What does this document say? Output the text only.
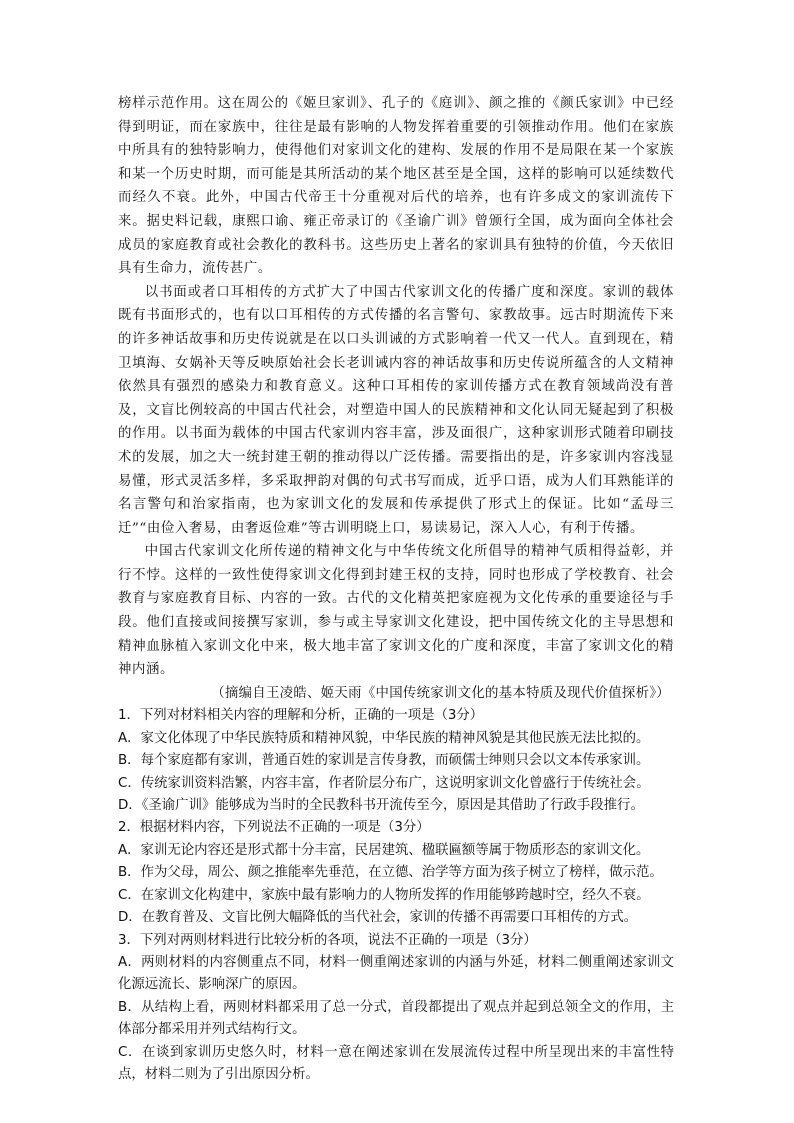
榜样示范作用。这在周公的《姬旦家训》、孔子的《庭训》、颜之推的《颜氏家训》中已经得到明证，而在家族中，往往是最有影响的人物发挥着重要的引领推动作用。他们在家族中所具有的独特影响力，使得他们对家训文化的建构、发展的作用不是局限在某一个家族和某一个历史时期，而可能是其所活动的某个地区甚至是全国，这样的影响可以延续数代而经久不衰。此外，中国古代帝王十分重视对后代的培养，也有许多成文的家训流传下来。据史料记载，康熙口谕、雍正帝录订的《圣谕广训》曾颁行全国，成为面向全体社会成员的家庭教育或社会教化的教科书。这些历史上著名的家训具有独特的价值，今天依旧具有生命力，流传甚广。

以书面或者口耳相传的方式扩大了中国古代家训文化的传播广度和深度。家训的载体既有书面形式的，也有以口耳相传的方式传播的名言警句、家教故事。远古时期流传下来的许多神话故事和历史传说就是在以口头训诫的方式影响着一代又一代人。直到现在，精卫填海、女娲补天等反映原始社会长老训诫内容的神话故事和历史传说所蕴含的人文精神依然具有强烈的感染力和教育意义。这种口耳相传的家训传播方式在教育领域尚没有普及，文盲比例较高的中国古代社会，对塑造中国人的民族精神和文化认同无疑起到了积极的作用。以书面为载体的中国古代家训内容丰富，涉及面很广，这种家训形式随着印刷技术的发展，加之大一统封建王朝的推动得以广泛传播。需要指出的是，许多家训内容浅显易懂，形式灵活多样，多采取押韵对偶的句式书写而成，近乎口语，成为人们耳熟能详的名言警句和治家指南，也为家训文化的发展和传承提供了形式上的保证。比如“孟母三迁”“由俭入奢易，由奢返俭难”等古训明晓上口，易读易记，深入人心，有利于传播。

中国古代家训文化所传递的精神文化与中华传统文化所倡导的精神气质相得益彰，并行不悖。这样的一致性使得家训文化得到封建王权的支持，同时也形成了学校教育、社会教育与家庭教育目标、内容的一致。古代的文化精英把家庭视为文化传承的重要途径与手段。他们直接或间接撰写家训，参与或主导家训文化建设，把中国传统文化的主导思想和精神血脉植入家训文化中来，极大地丰富了家训文化的广度和深度，丰富了家训文化的精神内涵。

（摘编自王凌皓、姬天雨《中国传统家训文化的基本特质及现代价值探析》）

1．下列对材料相关内容的理解和分析，正确的一项是（3分）

A．家文化体现了中华民族特质和精神风貌，中华民族的精神风貌是其他民族无法比拟的。

B．每个家庭都有家训，普通百姓的家训是言传身教，而硕儒士绅则只会以文本传承家训。

C．传统家训资料浩繁，内容丰富，作者阶层分布广，这说明家训文化曾盛行于传统社会。

D．《圣谕广训》能够成为当时的全民教科书开流传至今，原因是其借助了行政手段推行。

2．根据材料内容，下列说法不正确的一项是（3分）

A．家训无论内容还是形式都十分丰富，民居建筑、楹联匾额等属于物质形态的家训文化。

B．作为父母，周公、颜之推能率先垂范，在立德、治学等方面为孩子树立了榜样，做示范。

C．在家训文化构建中，家族中最有影响力的人物所发挥的作用能够跨越时空，经久不衰。

D．在教育普及、文盲比例大幅降低的当代社会，家训的传播不再需要口耳相传的方式。

3．下列对两则材料进行比较分析的各项，说法不正确的一项是（3分）

A．两则材料的内容侧重点不同，材料一侧重阐述家训的内涵与外延，材料二侧重阐述家训文化源远流长、影响深广的原因。

B．从结构上看，两则材料都采用了总一分式，首段都提出了观点并起到总领全文的作用，主体部分都采用并列式结构行文。

C．在谈到家训历史悠久时，材料一意在阐述家训在发展流传过程中所呈现出来的丰富性特点，材料二则为了引出原因分析。
